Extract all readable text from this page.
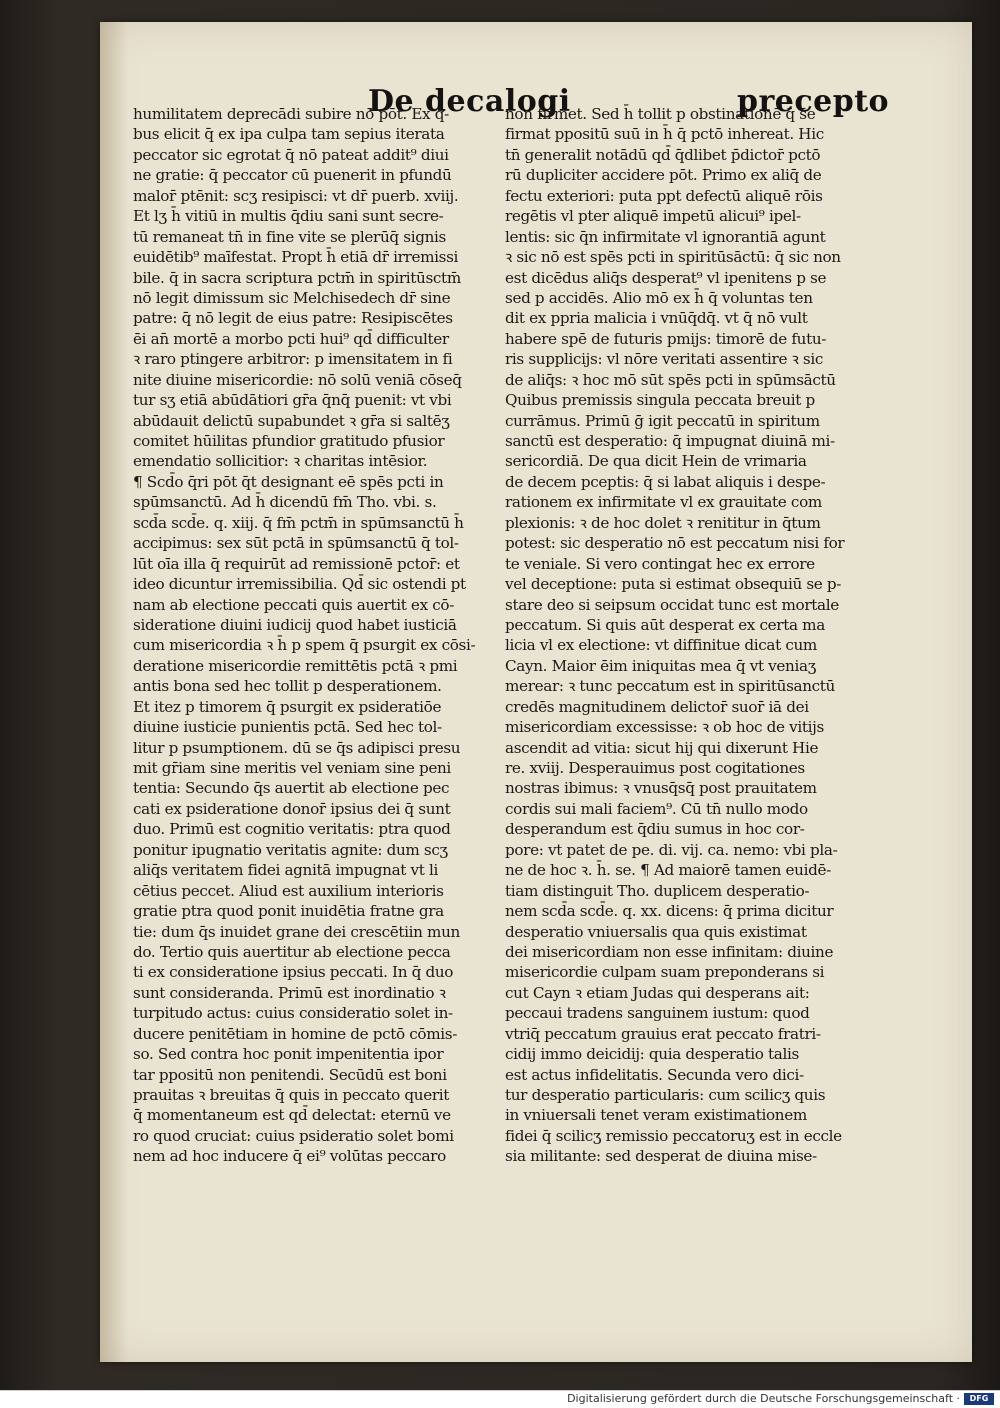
De decalogi	precepto
humilitatem deprecādi subire nō pōt. Ex q̄-
bus elicit q̄ ex ipa culpa tam sepius iterata
peccator sic egrotat q̄ nō pateat addit⁹ diui
ne gratie: q̄ peccator cū puenerit in pfundū
malor̄ ptēnit: scʒ resipisci: vt dr̄ puerb. xviij.
Et lʒ h̄ vitiū in multis q̄diu sani sunt secre-
tū remaneat tn̄ in fine vite se plerūq̄ signis
euidētib⁹ maīfestat. Propt h̄ etiā dr̄ irremissi
bile. q̄ in sacra scriptura pctm̄ in spiritūsctm̄
nō legit dimissum sic Melchisedech dr̄ sine
patre: q̄ nō legit de eius patre: Resipiscētes
ēi an̄ mortē a morbo pcti hui⁹ qd̄ difficulter
ꝛ raro ptingere arbitror: p imensitatem in fi
nite diuine misericordie: nō solū veniā cōseq̄
tur sʒ etiā abūdātiori gr̄a q̄nq̄ puenit: vt vbi
abūdauit delictū supabundet ꝛ gr̄a si saltēʒ
comitet hūilitas pfundior gratitudo pfusior
emendatio sollicitior: ꝛ charitas intēsior.
¶ Scd̄o q̄ri pōt q̄t designant eē spēs pcti in
spūmsanctū. Ad h̄ dicendū fm̄ Tho. vbi. s.
scd̄a scd̄e. q. xiij. q̄ fm̄ pctm̄ in spūmsanctū h̄
accipimus: sex sūt pctā in spūmsanctū q̄ tol-
lūt oīa illa q̄ requirūt ad remissionē pctor̄: et
ideo dicuntur irremissibilia. Qd̄ sic ostendi pt
nam ab electione peccati quis auertit ex cō-
sideratione diuini iudicij quod habet iusticiā
cum misericordia ꝛ h̄ p spem q̄ psurgit ex cōsi-
deratione misericordie remittētis pctā ꝛ pmi
antis bona sed hec tollit p desperationem.
Et itez p timorem q̄ psurgit ex psideratiōe
diuine iusticie punientis pctā. Sed hec tol-
litur p psumptionem. dū se q̄s adipisci presu
mit gr̄iam sine meritis vel veniam sine peni
tentia: Secundo q̄s auertit ab electione pec
cati ex psideratione donor̄ ipsius dei q̄ sunt
duo. Primū est cognitio veritatis: ptra quod
ponitur ipugnatio veritatis agnite: dum scʒ
aliq̄s veritatem fidei agnitā impugnat vt li
cētius peccet. Aliud est auxilium interioris
gratie ptra quod ponit inuidētia fratne gra
tie: dum q̄s inuidet grane dei crescētiin mun
do. Tertio quis auertitur ab electione pecca
ti ex consideratione ipsius peccati. In q̄ duo
sunt consideranda. Primū est inordinatio ꝛ
turpitudo actus: cuius consideratio solet in-
ducere penitētiam in homine de pctō cōmis-
so. Sed contra hoc ponit impenitentia ipor
tar ppositū non penitendi. Secūdū est boni
prauitas ꝛ breuitas q̄ quis in peccato querit
q̄ momentaneum est qd̄ delectat: eternū ve
ro quod cruciat: cuius psideratio solet bomi
nem ad hoc inducere q̄ ei⁹ volūtas peccaro
non firmet. Sed h̄ tollit p obstinationē q̄ s̄e
firmat ppositū suū in h̄ q̄ pctō inhereat. Hic
tn̄ generalit notādū qd̄ q̄dlibet p̄dictor̄ pctō
rū dupliciter accidere pōt. Primo ex aliq̄ de
fectu exteriori: puta ppt defectū aliquē rōis
regētis vl pter aliquē impetū alicui⁹ ipel-
lentis: sic q̄n infirmitate vl ignorantiā agunt
ꝛ sic nō est spēs pcti in spiritūsāctū: q̄ sic non
est dicēdus aliq̄s desperat⁹ vl ipenitens p se
sed p accidēs. Alio mō ex h̄ q̄ voluntas ten
dit ex ppria malicia i vnūq̄dq̄. vt q̄ nō vult
habere spē de futuris pmijs: timorē de futu-
ris supplicijs: vl nōre veritati assentire ꝛ sic
de aliq̄s: ꝛ hoc mō sūt spēs pcti in spūmsāctū
Quibus premissis singula peccata breuit p
currāmus. Primū ḡ igit peccatū in spiritum
sanctū est desperatio: q̄ impugnat diuinā mi-
sericordiā. De qua dicit Hein de vrimaria
de decem pceptis: q̄ si labat aliquis i despe-
rationem ex infirmitate vl ex grauitate com
plexionis: ꝛ de hoc dolet ꝛ renititur in q̄tum
potest: sic desperatio nō est peccatum nisi for
te veniale. Si vero contingat hec ex errore
vel deceptione: puta si estimat obsequiū se p-
stare deo si seipsum occidat tunc est mortale
peccatum. Si quis aūt desperat ex certa ma
licia vl ex electione: vt diffinitue dicat cum
Cayn. Maior ēim iniquitas mea q̄ vt veniaʒ
merear: ꝛ tunc peccatum est in spiritūsanctū
credēs magnitudinem delictor̄ suor̄ iā dei
misericordiam excessisse: ꝛ ob hoc de vitijs
ascendit ad vitia: sicut hij qui dixerunt Hie
re. xviij. Desperauimus post cogitationes
nostras ibimus: ꝛ vnusq̄sq̄ post prauitatem
cordis sui mali faciem⁹. Cū tn̄ nullo modo
desperandum est q̄diu sumus in hoc cor-
pore: vt patet de pe. di. vij. ca. nemo: vbi pla-
ne de hoc ꝛ. h̄. se. ¶ Ad maiorē tamen euidē-
tiam distinguit Tho. duplicem desperatio-
nem scd̄a scd̄e. q. xx. dicens: q̄ prima dicitur
desperatio vniuersalis qua quis existimat
dei misericordiam non esse infinitam: diuine
misericordie culpam suam preponderans si
cut Cayn ꝛ etiam Judas qui desperans ait:
peccaui tradens sanguinem iustum: quod
vtriq̄ peccatum grauius erat peccato fratri-
cidij immo deicidij: quia desperatio talis
est actus infidelitatis. Secunda vero dici-
tur desperatio particularis: cum scilicʒ quis
in vniuersali tenet veram existimationem
fidei q̄ scilicʒ remissio peccatoruʒ est in eccle
sia militante: sed desperat de diuina mise-
Digitalisierung gefördert durch die Deutsche Forschungsgemeinschaft ·	DFG
